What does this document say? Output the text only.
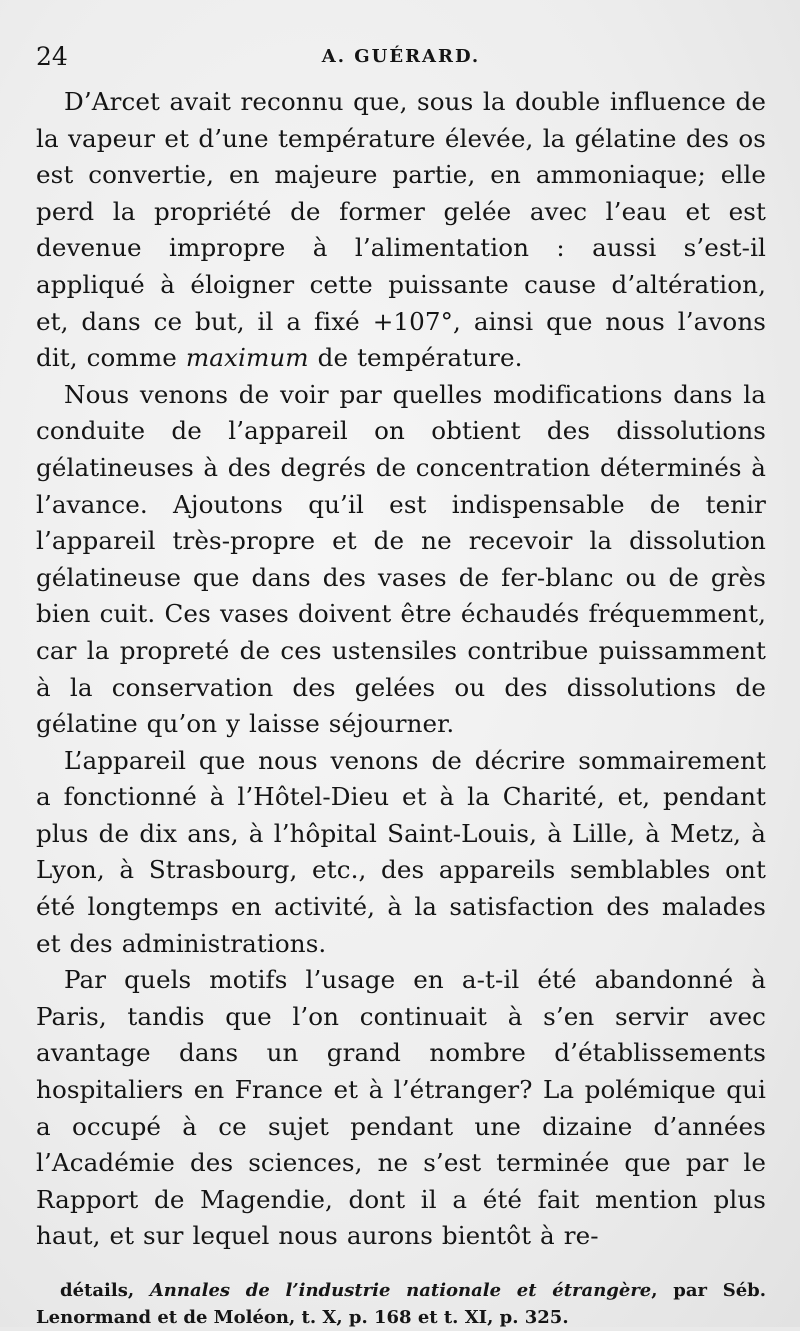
24	A. GUÉRARD.

D’Arcet avait reconnu que, sous la double influence de la vapeur et d’une température élevée, la gélatine des os est convertie, en majeure partie, en ammoniaque; elle perd la propriété de former gelée avec l’eau et est devenue impropre à l’alimentation : aussi s’est-il appliqué à éloigner cette puissante cause d’altération, et, dans ce but, il a fixé +107°, ainsi que nous l’avons dit, comme maximum de température.

Nous venons de voir par quelles modifications dans la conduite de l’appareil on obtient des dissolutions gélatineuses à des degrés de concentration déterminés à l’avance. Ajoutons qu’il est indispensable de tenir l’appareil très-propre et de ne recevoir la dissolution gélatineuse que dans des vases de fer-blanc ou de grès bien cuit. Ces vases doivent être échaudés fréquemment, car la propreté de ces ustensiles contribue puissamment à la conservation des gelées ou des dissolutions de gélatine qu’on y laisse séjourner.

L’appareil que nous venons de décrire sommairement a fonctionné à l’Hôtel-Dieu et à la Charité, et, pendant plus de dix ans, à l’hôpital Saint-Louis, à Lille, à Metz, à Lyon, à Strasbourg, etc., des appareils semblables ont été longtemps en activité, à la satisfaction des malades et des administrations.

Par quels motifs l’usage en a-t-il été abandonné à Paris, tandis que l’on continuait à s’en servir avec avantage dans un grand nombre d’établissements hospitaliers en France et à l’étranger? La polémique qui a occupé à ce sujet pendant une dizaine d’années l’Académie des sciences, ne s’est terminée que par le Rapport de Magendie, dont il a été fait mention plus haut, et sur lequel nous aurons bientôt à re-

détails, Annales de l’industrie nationale et étrangère, par Séb. Lenormand et de Moléon, t. X, p. 168 et t. XI, p. 325.
